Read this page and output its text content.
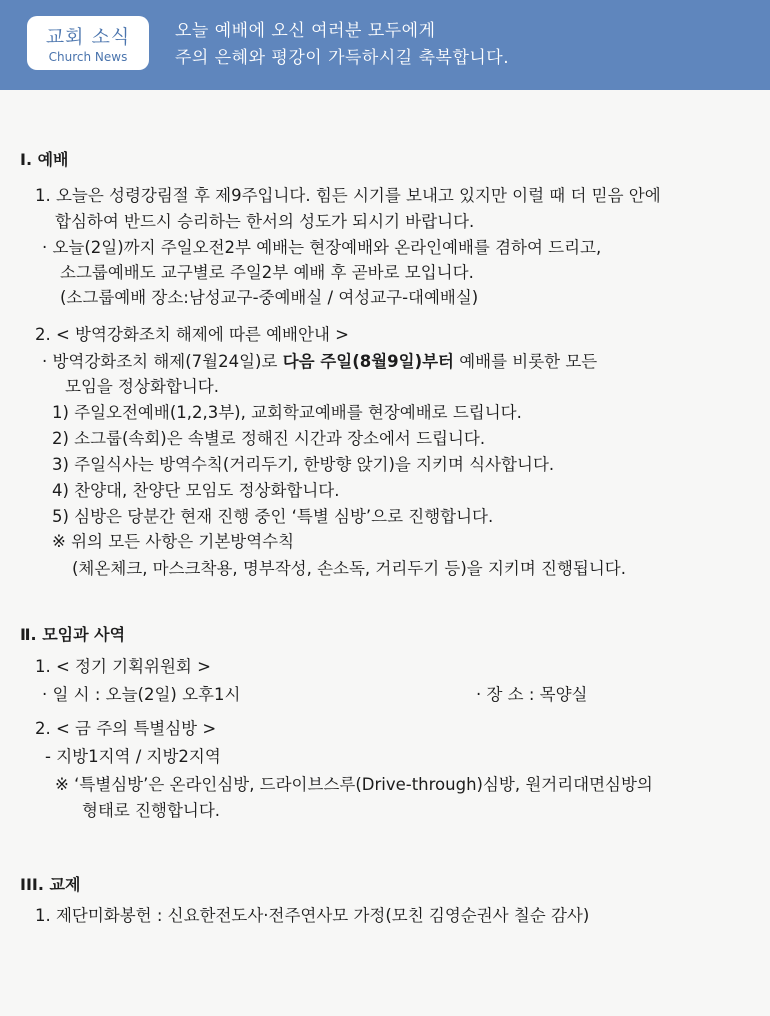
교회 소식
Church News
오늘 예배에 오신 여러분 모두에게
주의 은혜와 평강이 가득하시길 축복합니다.
Ⅰ. 예배
1. 오늘은 성령강림절 후 제9주입니다. 힘든 시기를 보내고 있지만 이럴 때 더 믿음 안에
합심하여 반드시 승리하는 한서의 성도가 되시기 바랍니다.
· 오늘(2일)까지 주일오전2부 예배는 현장예배와 온라인예배를 겸하여 드리고,
소그룹예배도 교구별로 주일2부 예배 후 곧바로 모입니다.
(소그룹예배 장소:남성교구-중예배실 / 여성교구-대예배실)
2. < 방역강화조치 해제에 따른 예배안내 >
· 방역강화조치 해제(7월24일)로 다음 주일(8월9일)부터 예배를 비롯한 모든
모임을 정상화합니다.
1) 주일오전예배(1,2,3부), 교회학교예배를 현장예배로 드립니다.
2) 소그룹(속회)은 속별로 정해진 시간과 장소에서 드립니다.
3) 주일식사는 방역수칙(거리두기, 한방향 앉기)을 지키며 식사합니다.
4) 찬양대, 찬양단 모임도 정상화합니다.
5) 심방은 당분간 현재 진행 중인 ‘특별 심방’으로 진행합니다.
※ 위의 모든 사항은 기본방역수칙
(체온체크, 마스크착용, 명부작성, 손소독, 거리두기 등)을 지키며 진행됩니다.
Ⅱ. 모임과 사역
1. < 정기 기획위원회 >
· 일 시 : 오늘(2일) 오후1시	· 장 소 : 목양실
2. < 금 주의 특별심방 >
- 지방1지역 / 지방2지역
※ ‘특별심방’은 온라인심방, 드라이브스루(Drive-through)심방, 원거리대면심방의
형태로 진행합니다.
III. 교제
1. 제단미화봉헌 : 신요한전도사·전주연사모 가정(모친 김영순권사 칠순 감사)
